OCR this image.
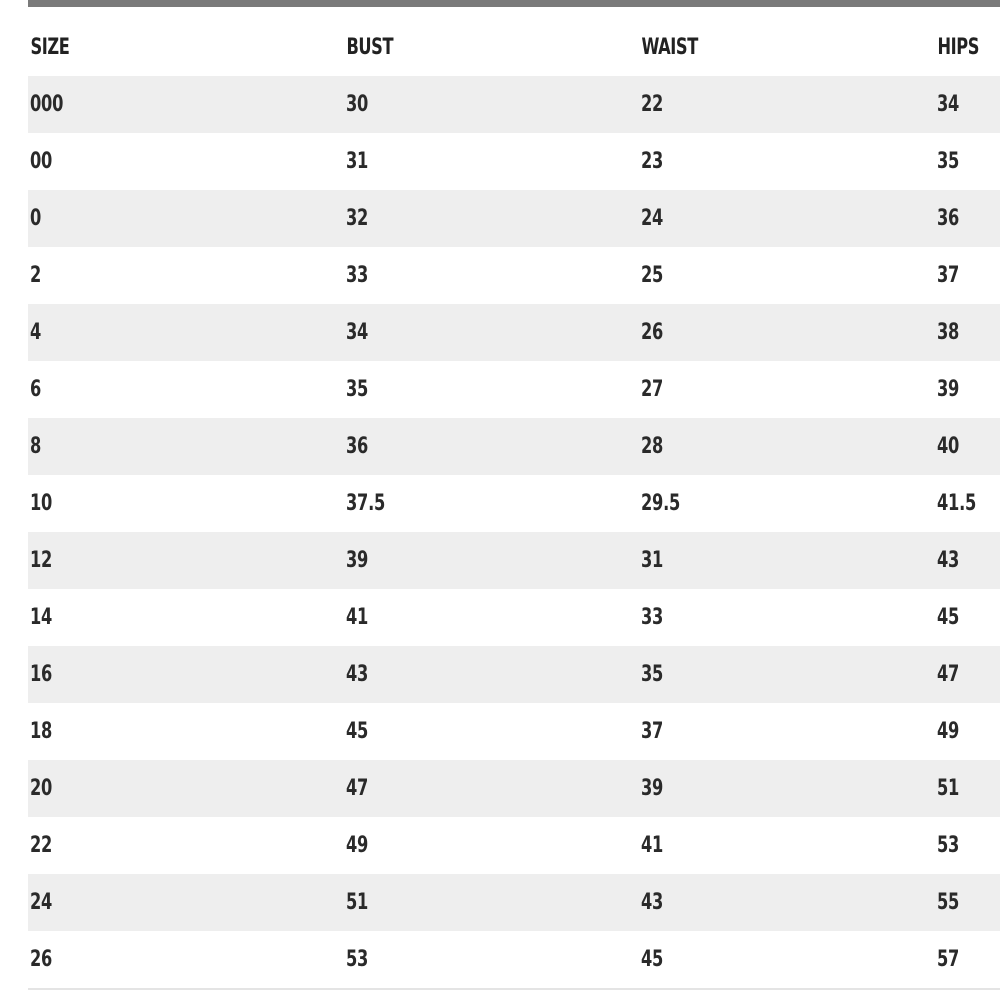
SIZE	BUST	WAIST	HIPS
000	30	22	34
00	31	23	35
0	32	24	36
2	33	25	37
4	34	26	38
6	35	27	39
8	36	28	40
10	37.5	29.5	41.5
12	39	31	43
14	41	33	45
16	43	35	47
18	45	37	49
20	47	39	51
22	49	41	53
24	51	43	55
26	53	45	57
